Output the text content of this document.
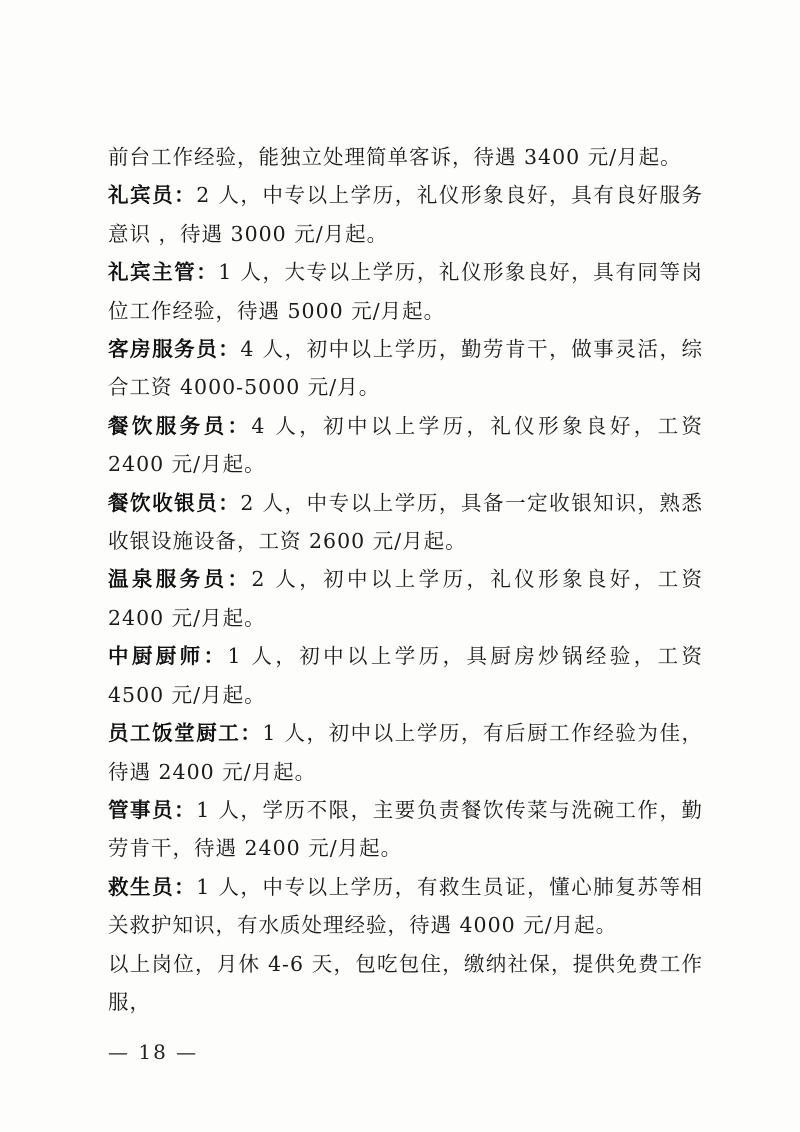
前台工作经验，能独立处理简单客诉，待遇 3400 元/月起。

礼宾员：2 人，中专以上学历，礼仪形象良好，具有良好服务意识 ，待遇 3000 元/月起。

礼宾主管：1 人，大专以上学历，礼仪形象良好，具有同等岗位工作经验，待遇 5000 元/月起。

客房服务员：4 人，初中以上学历，勤劳肯干，做事灵活，综合工资 4000-5000 元/月。

餐饮服务员：4 人，初中以上学历，礼仪形象良好，工资 2400 元/月起。

餐饮收银员：2 人，中专以上学历，具备一定收银知识，熟悉收银设施设备，工资 2600 元/月起。

温泉服务员：2 人，初中以上学历，礼仪形象良好，工资 2400 元/月起。

中厨厨师：1 人，初中以上学历，具厨房炒锅经验，工资 4500 元/月起。

员工饭堂厨工：1 人，初中以上学历，有后厨工作经验为佳，待遇 2400 元/月起。

管事员：1 人，学历不限，主要负责餐饮传菜与洗碗工作，勤劳肯干，待遇 2400 元/月起。

救生员：1 人，中专以上学历，有救生员证，懂心肺复苏等相关救护知识，有水质处理经验，待遇 4000 元/月起。

以上岗位，月休 4-6 天，包吃包住，缴纳社保，提供免费工作服，

— 18 —
